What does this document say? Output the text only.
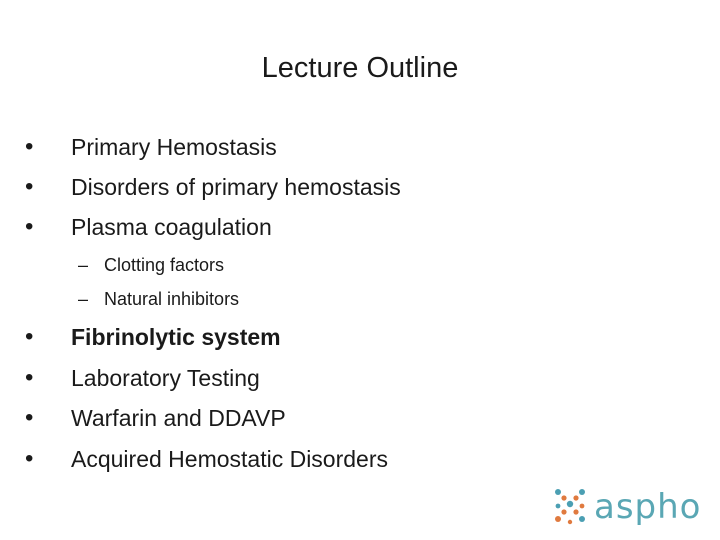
Lecture Outline
• Primary Hemostasis
• Disorders of primary hemostasis
• Plasma coagulation
– Clotting factors
– Natural inhibitors
• Fibrinolytic system
• Laboratory Testing
• Warfarin and DDAVP
• Acquired Hemostatic Disorders
aspho
